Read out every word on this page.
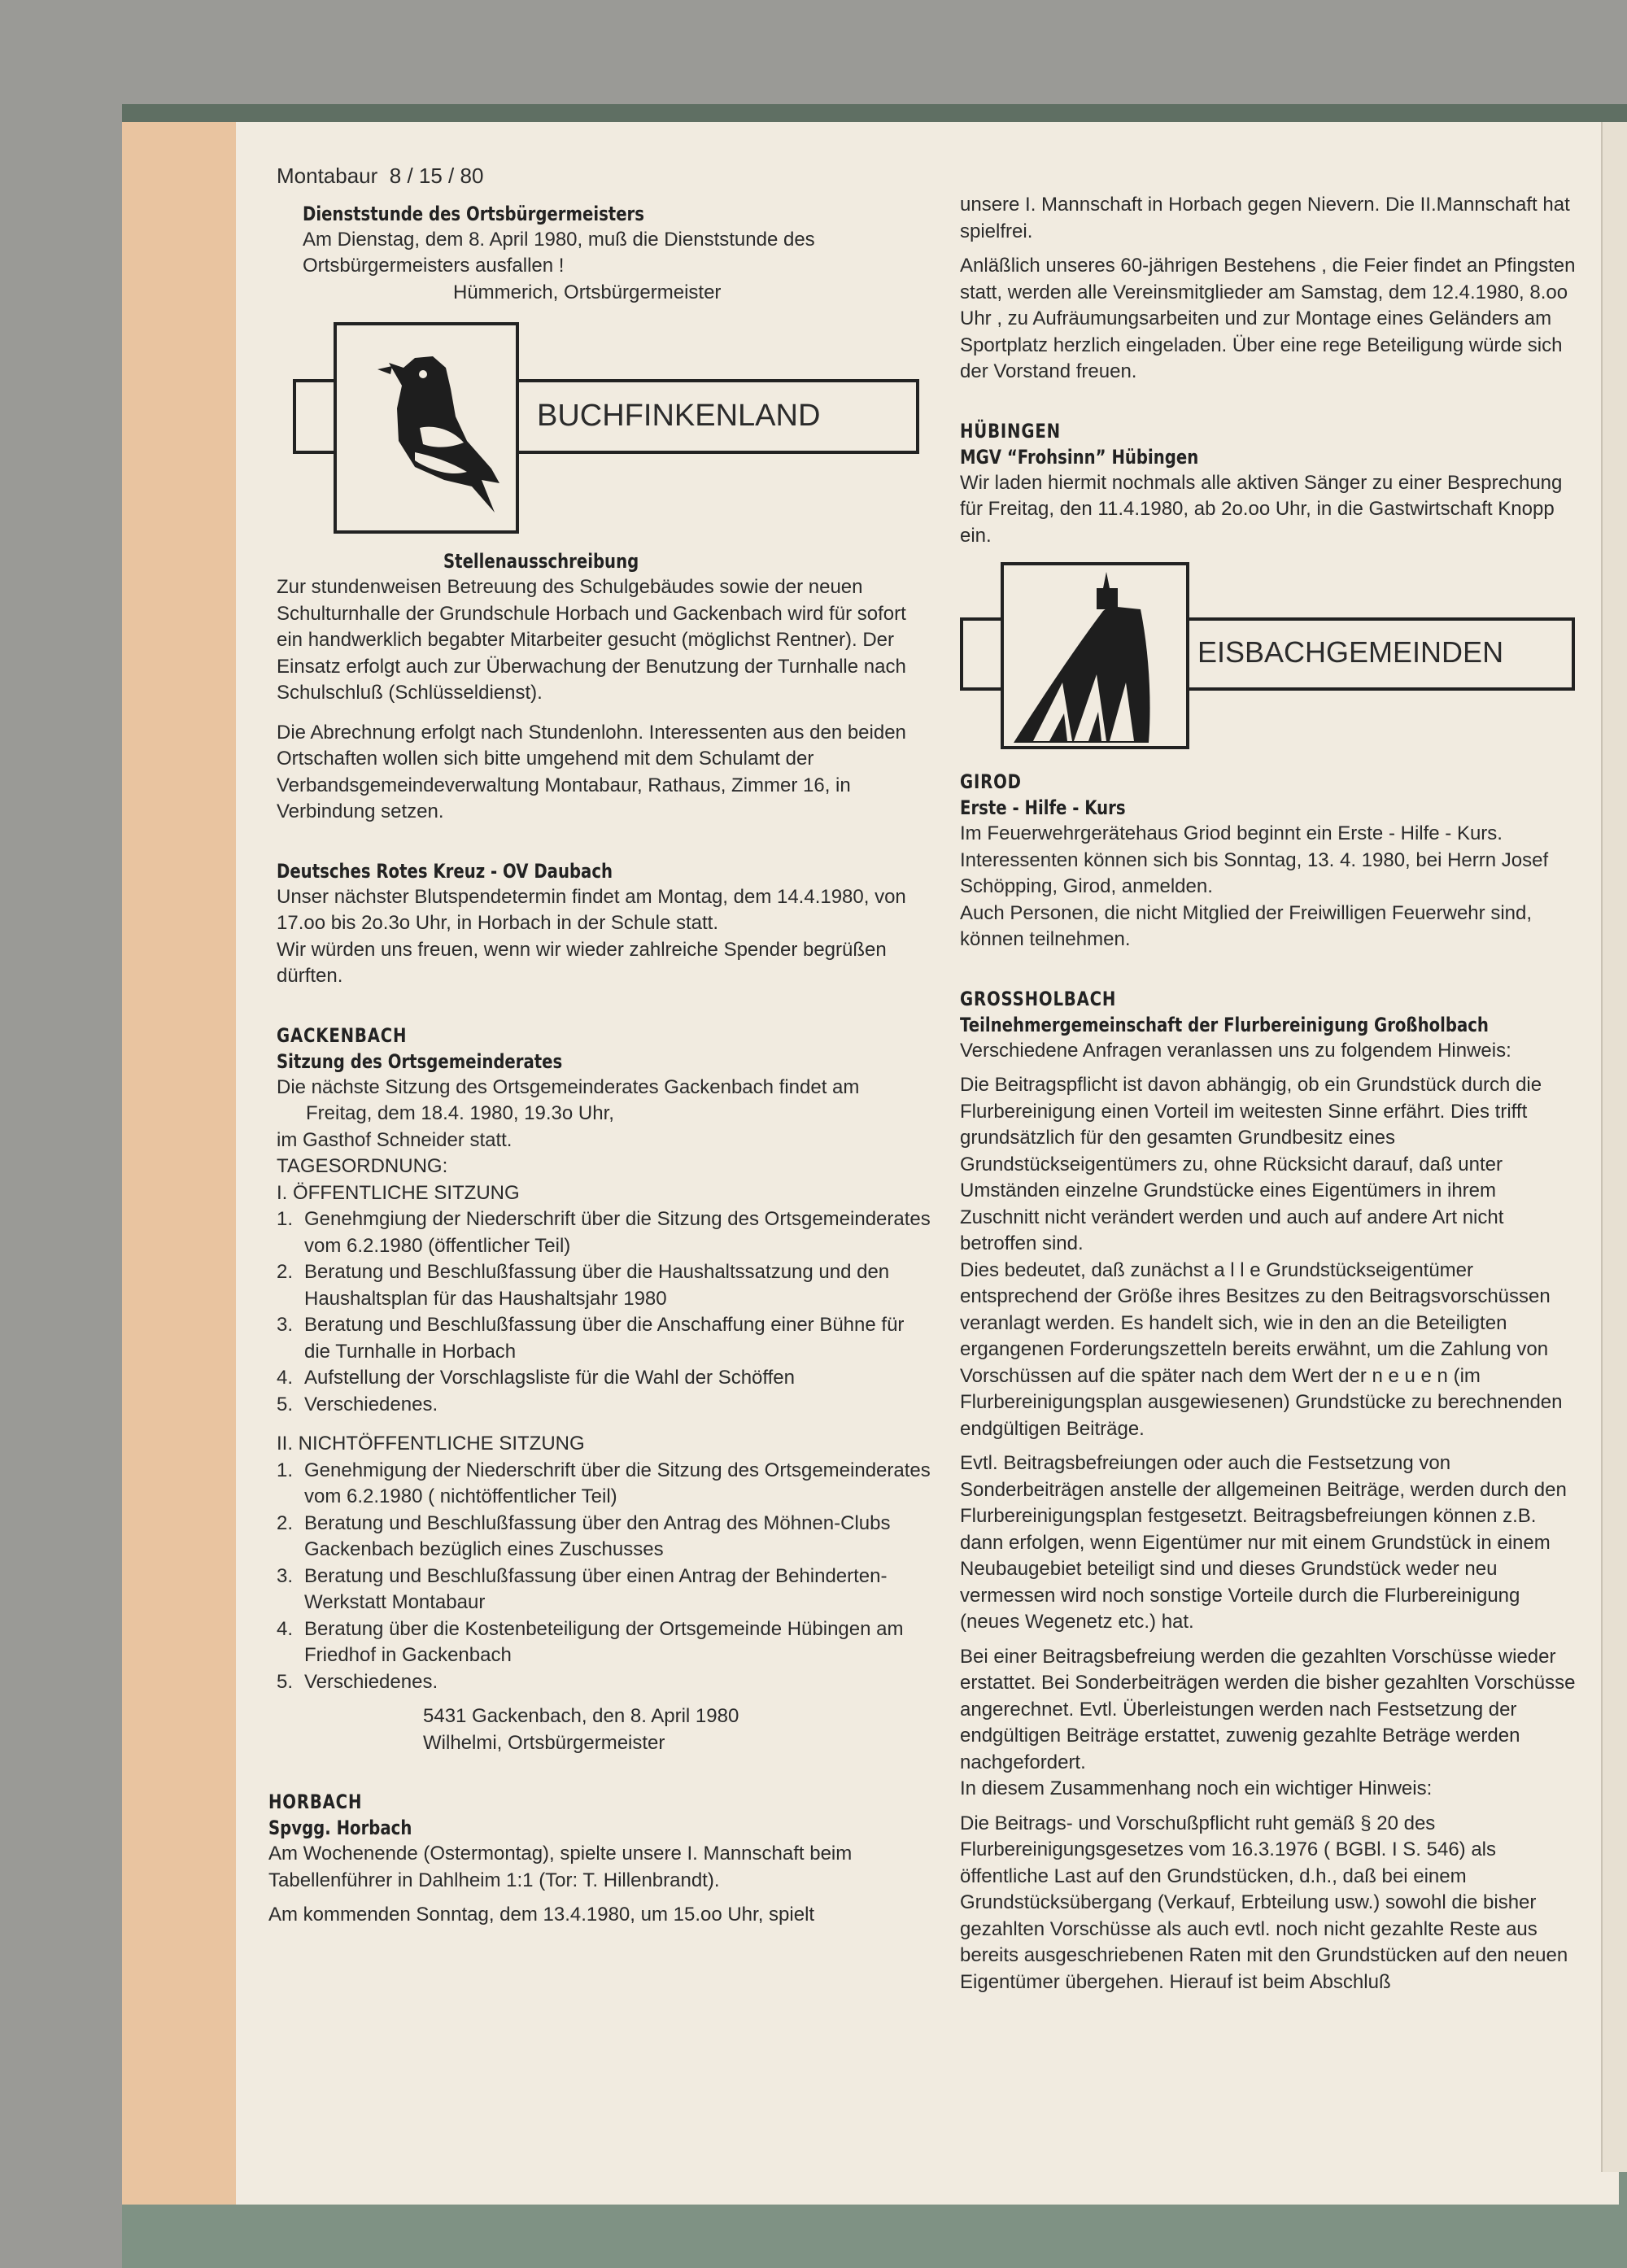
Montabaur 8 / 15 / 80

Dienststunde des Ortsbürgermeisters

Am Dienstag, dem 8. April 1980, muß die Dienststunde des Ortsbürgermeisters ausfallen !

Hümmerich, Ortsbürgermeister

BUCHFINKENLAND
Stellenausschreibung

Zur stundenweisen Betreuung des Schulgebäudes sowie der neuen Schulturnhalle der Grundschule Horbach und Gackenbach wird für sofort ein handwerklich begabter Mitarbeiter gesucht (möglichst Rentner). Der Einsatz erfolgt auch zur Überwachung der Benutzung der Turnhalle nach Schulschluß (Schlüsseldienst).

Die Abrechnung erfolgt nach Stundenlohn. Interessenten aus den beiden Ortschaften wollen sich bitte umgehend mit dem Schulamt der Verbandsgemeindeverwaltung Montabaur, Rathaus, Zimmer 16, in Verbindung setzen.

Deutsches Rotes Kreuz - OV Daubach

Unser nächster Blutspendetermin findet am Montag, dem 14.4.1980, von 17.oo bis 2o.3o Uhr, in Horbach in der Schule statt.

Wir würden uns freuen, wenn wir wieder zahlreiche Spender begrüßen dürften.

GACKENBACH
Sitzung des Ortsgemeinderates

Die nächste Sitzung des Ortsgemeinderates Gackenbach findet am

Freitag, dem 18.4. 1980, 19.3o Uhr,

im Gasthof Schneider statt.

TAGESORDNUNG:

I. ÖFFENTLICHE SITZUNG

1. Genehmgiung der Niederschrift über die Sitzung des Ortsgemeinderates vom 6.2.1980 (öffentlicher Teil)
2. Beratung und Beschlußfassung über die Haushaltssatzung und den Haushaltsplan für das Haushaltsjahr 1980
3. Beratung und Beschlußfassung über die Anschaffung einer Bühne für die Turnhalle in Horbach
4. Aufstellung der Vorschlagsliste für die Wahl der Schöffen
5. Verschiedenes.

II. NICHTÖFFENTLICHE SITZUNG

1. Genehmigung der Niederschrift über die Sitzung des Ortsgemeinderates vom 6.2.1980 ( nichtöffentlicher Teil)
2. Beratung und Beschlußfassung über den Antrag des Möhnen-Clubs Gackenbach bezüglich eines Zuschusses
3. Beratung und Beschlußfassung über einen Antrag der Behinderten-Werkstatt Montabaur
4. Beratung über die Kostenbeteiligung der Ortsgemeinde Hübingen am Friedhof in Gackenbach
5. Verschiedenes.

5431 Gackenbach, den 8. April 1980

Wilhelmi, Ortsbürgermeister

HORBACH
Spvgg. Horbach

Am Wochenende (Ostermontag), spielte unsere I. Mannschaft beim Tabellenführer in Dahlheim 1:1 (Tor: T. Hillenbrandt).

Am kommenden Sonntag, dem 13.4.1980, um 15.oo Uhr, spielt

unsere I. Mannschaft in Horbach gegen Nievern. Die II.Mannschaft hat spielfrei.

Anläßlich unseres 60-jährigen Bestehens , die Feier findet an Pfingsten statt, werden alle Vereinsmitglieder am Samstag, dem 12.4.1980, 8.oo Uhr , zu Aufräumungsarbeiten und zur Montage eines Geländers am Sportplatz herzlich eingeladen. Über eine rege Beteiligung würde sich der Vorstand freuen.

HÜBINGEN
MGV “Frohsinn” Hübingen

Wir laden hiermit nochmals alle aktiven Sänger zu einer Besprechung für Freitag, den 11.4.1980, ab 2o.oo Uhr, in die Gastwirtschaft Knopp ein.

EISBACHGEMEINDEN
GIROD
Erste - Hilfe - Kurs

Im Feuerwehrgerätehaus Griod beginnt ein Erste - Hilfe - Kurs. Interessenten können sich bis Sonntag, 13. 4. 1980, bei Herrn Josef Schöpping, Girod, anmelden.

Auch Personen, die nicht Mitglied der Freiwilligen Feuerwehr sind, können teilnehmen.

GROSSHOLBACH
Teilnehmergemeinschaft der Flurbereinigung Großholbach

Verschiedene Anfragen veranlassen uns zu folgendem Hinweis:

Die Beitragspflicht ist davon abhängig, ob ein Grundstück durch die Flurbereinigung einen Vorteil im weitesten Sinne erfährt. Dies trifft grundsätzlich für den gesamten Grundbesitz eines Grundstückseigentümers zu, ohne Rücksicht darauf, daß unter Umständen einzelne Grundstücke eines Eigentümers in ihrem Zuschnitt nicht verändert werden und auch auf andere Art nicht betroffen sind.

Dies bedeutet, daß zunächst a l l e Grundstückseigentümer entsprechend der Größe ihres Besitzes zu den Beitragsvorschüssen veranlagt werden. Es handelt sich, wie in den an die Beteiligten ergangenen Forderungszetteln bereits erwähnt, um die Zahlung von Vorschüssen auf die später nach dem Wert der n e u e n (im Flurbereinigungsplan ausgewiesenen) Grundstücke zu berechnenden endgültigen Beiträge.

Evtl. Beitragsbefreiungen oder auch die Festsetzung von Sonderbeiträgen anstelle der allgemeinen Beiträge, werden durch den Flurbereinigungsplan festgesetzt. Beitragsbefreiungen können z.B. dann erfolgen, wenn Eigentümer nur mit einem Grundstück in einem Neubaugebiet beteiligt sind und dieses Grundstück weder neu vermessen wird noch sonstige Vorteile durch die Flurbereinigung (neues Wegenetz etc.) hat.

Bei einer Beitragsbefreiung werden die gezahlten Vorschüsse wieder erstattet. Bei Sonderbeiträgen werden die bisher gezahlten Vorschüsse angerechnet. Evtl. Überleistungen werden nach Festsetzung der endgültigen Beiträge erstattet, zuwenig gezahlte Beträge werden nachgefordert.

In diesem Zusammenhang noch ein wichtiger Hinweis:

Die Beitrags- und Vorschußpflicht ruht gemäß § 20 des Flurbereinigungsgesetzes vom 16.3.1976 ( BGBl. I S. 546) als öffentliche Last auf den Grundstücken, d.h., daß bei einem Grundstücksübergang (Verkauf, Erbteilung usw.) sowohl die bisher gezahlten Vorschüsse als auch evtl. noch nicht gezahlte Reste aus bereits ausgeschriebenen Raten mit den Grundstücken auf den neuen Eigentümer übergehen. Hierauf ist beim Abschluß
